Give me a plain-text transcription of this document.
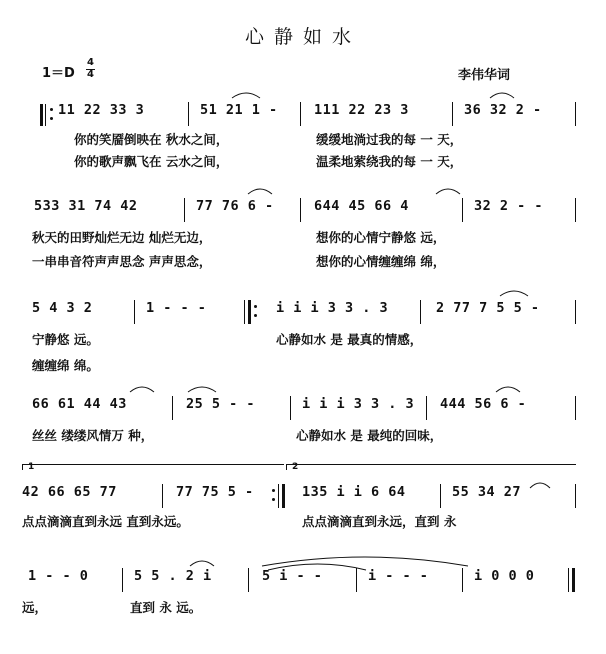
心静如水
1＝D
4
4	李伟华词
11 22 33 3	51 21 1 -	111 22 23 3	36 32 2 -
你的笑靥倒映在 秋水之间，	缓缓地淌过我的每 一 天，
你的歌声飘飞在 云水之间，	温柔地萦绕我的每 一 天，
533 31 74 42	77 76 6 -	644 45 66 4	32 2 - -
秋天的田野灿烂无边 灿烂无边，	想你的心情宁静悠 远，
一串串音符声声思念 声声思念，	想你的心情缠缠绵 绵，
5 4 3 2	1 - - -	i i i 3 3 . 3	2 77 7 5 5 -
宁静悠 远。	心静如水 是 最真的情感，
缠缠绵 绵。
66 61 44 43	25 5 - -	i i i 3 3 . 3 444 56 6 -
丝丝 缕缕风情万 种，	心静如水 是 最纯的回味，
1	2
42 66 65 77	77 75 5 -	135 i i 6 64	55 34 27
点点滴滴直到永远 直到永远。	点点滴滴直到永远，直到 永
1 - - 0	5 5 . 2 i	5 i - -	i - - -	i 0 0 0
远，	直到 永 远。
